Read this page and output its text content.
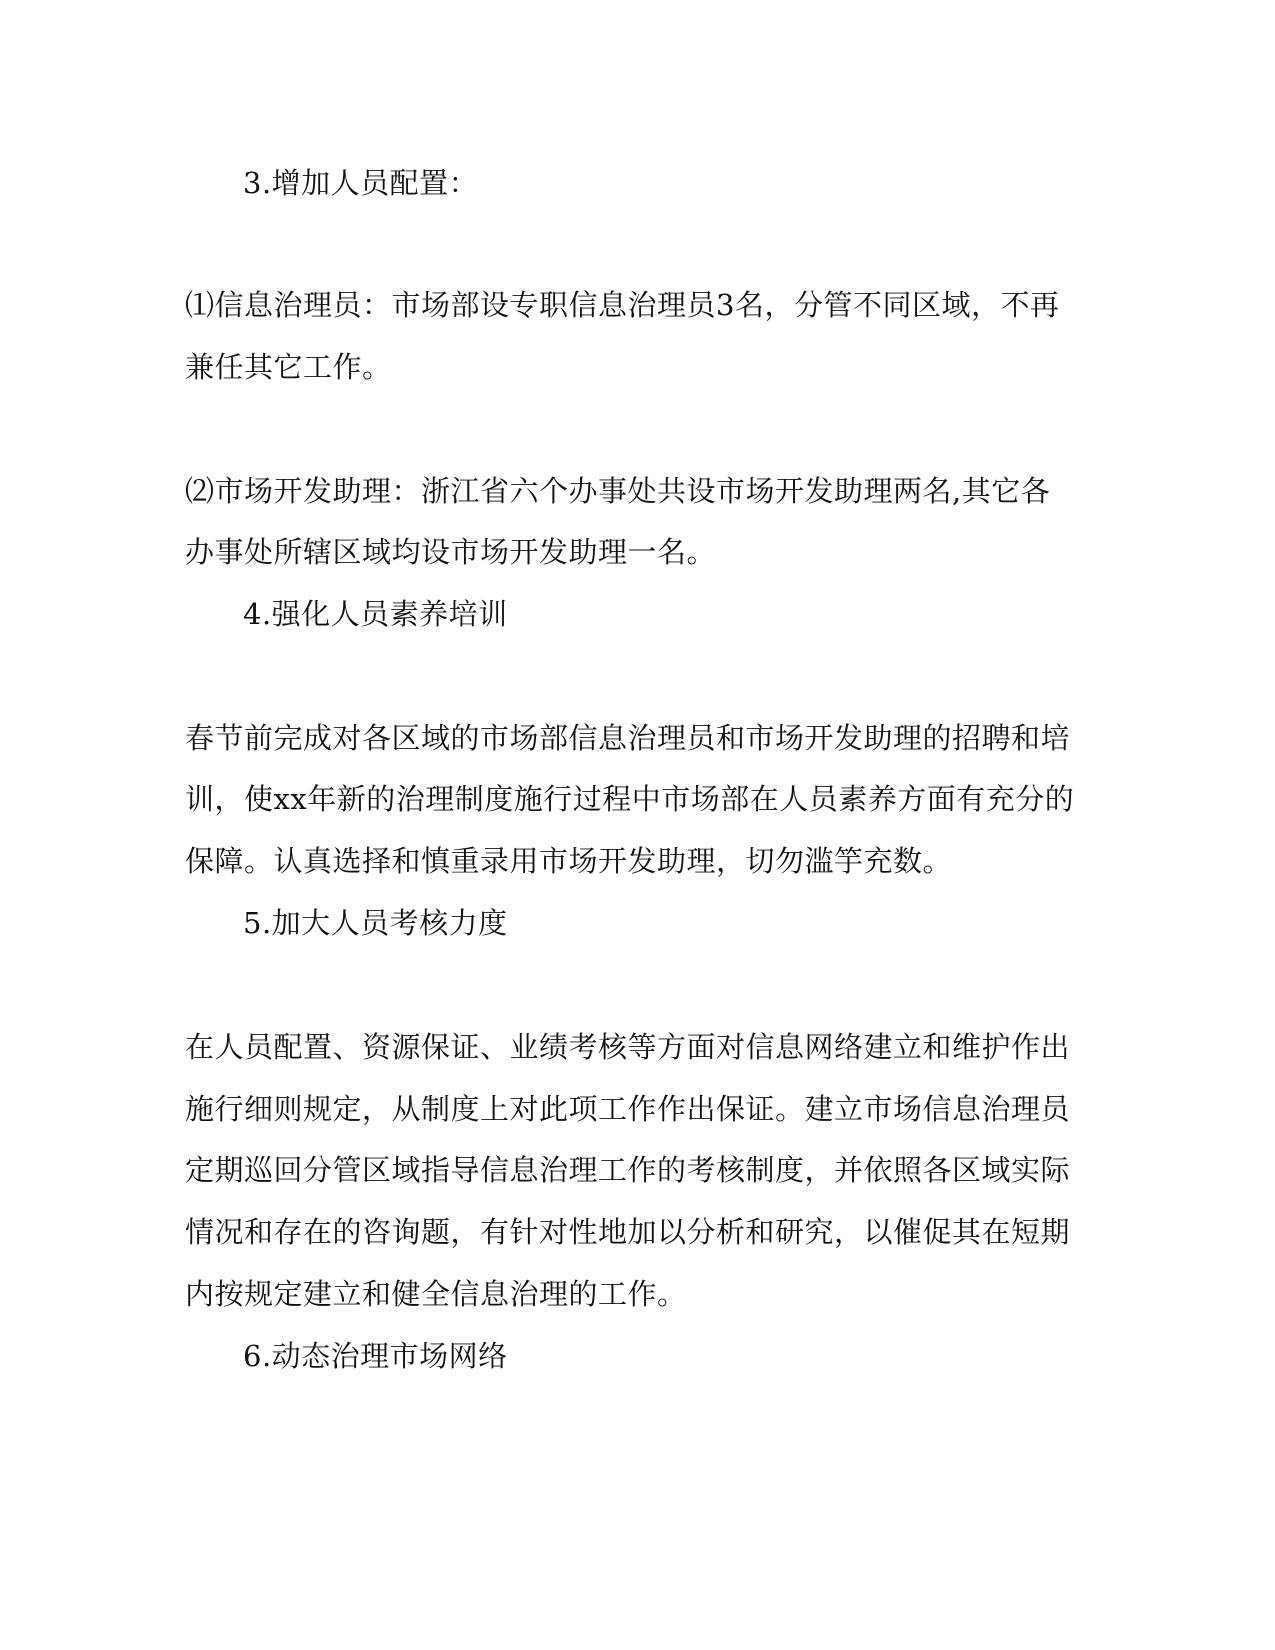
3.增加人员配置：
⑴信息治理员：市场部设专职信息治理员3名，分管不同区域，不再
兼任其它工作。
⑵市场开发助理：浙江省六个办事处共设市场开发助理两名,其它各
办事处所辖区域均设市场开发助理一名。
4.强化人员素养培训
春节前完成对各区域的市场部信息治理员和市场开发助理的招聘和培
训，使xx年新的治理制度施行过程中市场部在人员素养方面有充分的
保障。认真选择和慎重录用市场开发助理，切勿滥竽充数。
5.加大人员考核力度
在人员配置、资源保证、业绩考核等方面对信息网络建立和维护作出
施行细则规定，从制度上对此项工作作出保证。建立市场信息治理员
定期巡回分管区域指导信息治理工作的考核制度，并依照各区域实际
情况和存在的咨询题，有针对性地加以分析和研究，以催促其在短期
内按规定建立和健全信息治理的工作。
6.动态治理市场网络
